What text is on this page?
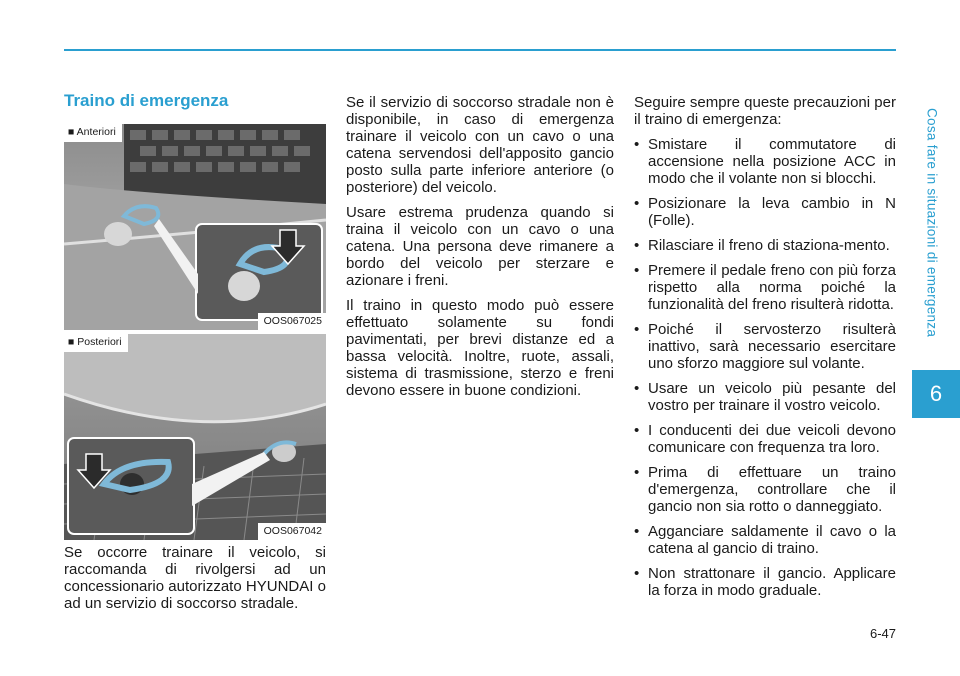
Cosa fare in situazioni di emergenza
6
6-47
Traino di emergenza
■ Anteriori
OOS067025
■ Posteriori
OOS067042

Se occorre trainare il veicolo, si raccomanda di rivolgersi ad un concessionario autorizzato HYUNDAI o ad un servizio di soccorso stradale.

Se il servizio di soccorso stradale non è disponibile, in caso di emergenza trainare il veicolo con un cavo o una catena servendosi dell'apposito gancio posto sulla parte inferiore anteriore (o posteriore) del veicolo.

Usare estrema prudenza quando si traina il veicolo con un cavo o una catena. Una persona deve rimanere a bordo del veicolo per sterzare e azionare i freni.

Il traino in questo modo può essere effettuato solamente su fondi pavimentati, per brevi distanze ed a bassa velocità. Inoltre, ruote, assali, sistema di trasmissione, sterzo e freni devono essere in buone condizioni.

Seguire sempre queste precauzioni per il traino di emergenza:

• Smistare il commutatore di accensione nella posizione ACC in modo che il volante non si blocchi.
• Posizionare la leva cambio in N (Folle).
• Rilasciare il freno di staziona-mento.
• Premere il pedale freno con più forza rispetto alla norma poiché la funzionalità del freno risulterà ridotta.
• Poiché il servosterzo risulterà inattivo, sarà necessario esercitare uno sforzo maggiore sul volante.
• Usare un veicolo più pesante del vostro per trainare il vostro veicolo.
• I conducenti dei due veicoli devono comunicare con frequenza tra loro.
• Prima di effettuare un traino d'emergenza, controllare che il gancio non sia rotto o danneggiato.
• Agganciare saldamente il cavo o la catena al gancio di traino.
• Non strattonare il gancio. Applicare la forza in modo graduale.
